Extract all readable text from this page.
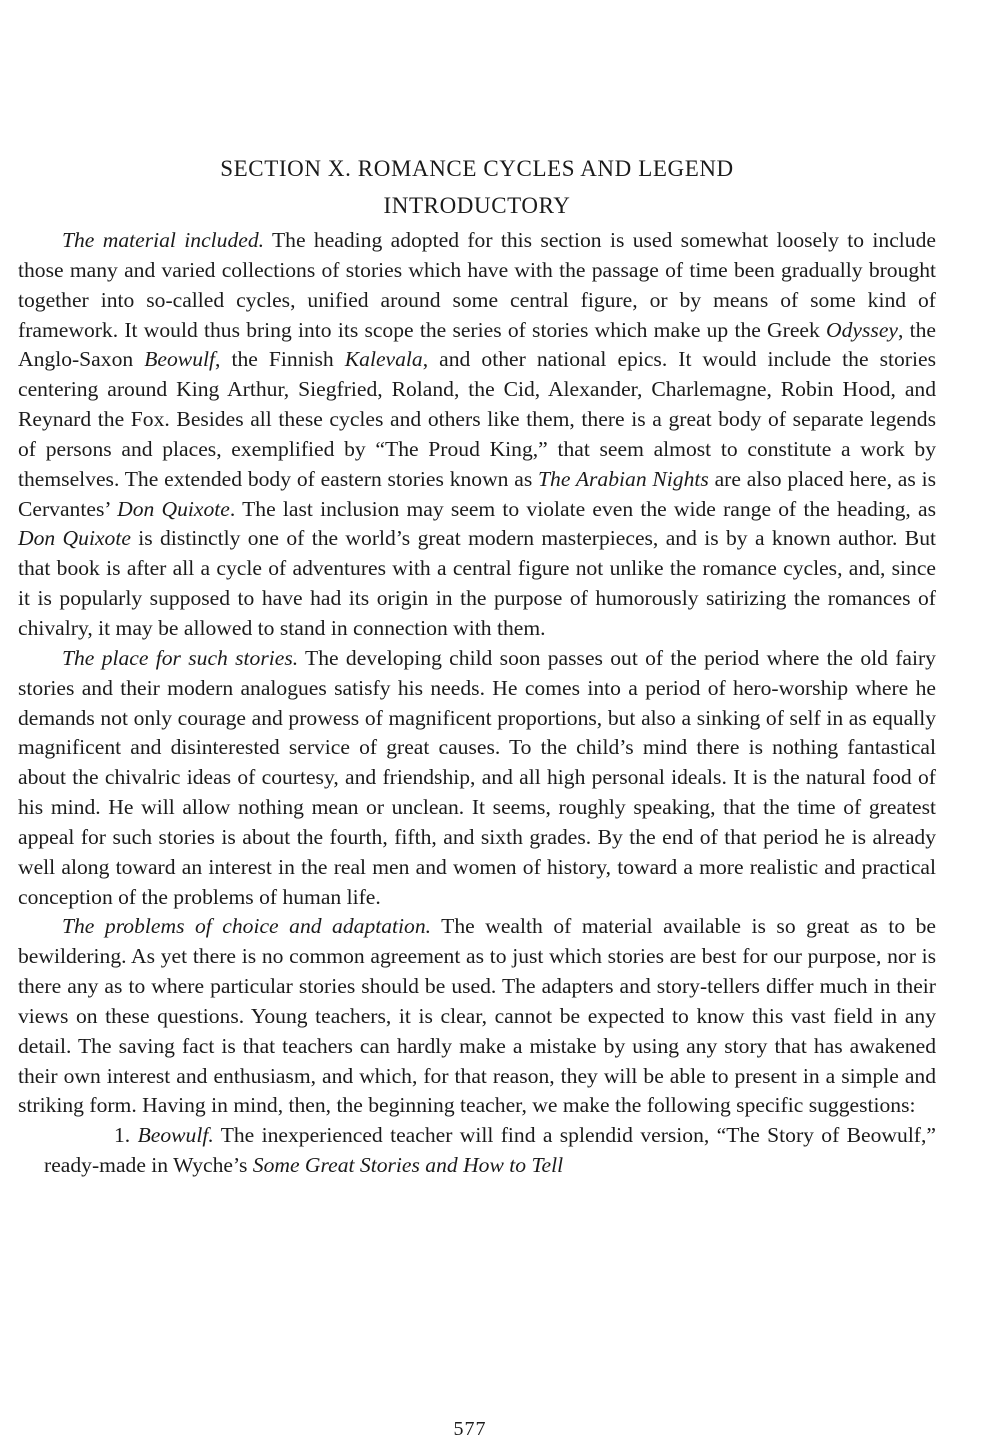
SECTION X. ROMANCE CYCLES AND LEGEND
INTRODUCTORY

The material included. The heading adopted for this section is used somewhat loosely to include those many and varied collections of stories which have with the passage of time been gradually brought together into so-called cycles, unified around some central figure, or by means of some kind of framework. It would thus bring into its scope the series of stories which make up the Greek Odyssey, the Anglo-Saxon Beowulf, the Finnish Kalevala, and other national epics. It would include the stories centering around King Arthur, Siegfried, Roland, the Cid, Alexander, Charlemagne, Robin Hood, and Reynard the Fox. Besides all these cycles and others like them, there is a great body of separate legends of persons and places, exemplified by “The Proud King,” that seem almost to constitute a work by themselves. The extended body of eastern stories known as The Arabian Nights are also placed here, as is Cervantes’ Don Quixote. The last inclusion may seem to violate even the wide range of the heading, as Don Quixote is distinctly one of the world’s great modern masterpieces, and is by a known author. But that book is after all a cycle of adventures with a central figure not unlike the romance cycles, and, since it is popularly supposed to have had its origin in the purpose of humorously satirizing the romances of chivalry, it may be allowed to stand in connection with them.

The place for such stories. The developing child soon passes out of the period where the old fairy stories and their modern analogues satisfy his needs. He comes into a period of hero-worship where he demands not only courage and prowess of magnificent proportions, but also a sinking of self in as equally magnificent and disinterested service of great causes. To the child’s mind there is nothing fantastical about the chivalric ideas of courtesy, and friendship, and all high personal ideals. It is the natural food of his mind. He will allow nothing mean or unclean. It seems, roughly speaking, that the time of greatest appeal for such stories is about the fourth, fifth, and sixth grades. By the end of that period he is already well along toward an interest in the real men and women of history, toward a more realistic and practical conception of the problems of human life.

The problems of choice and adaptation. The wealth of material available is so great as to be bewildering. As yet there is no common agreement as to just which stories are best for our purpose, nor is there any as to where particular stories should be used. The adapters and story-tellers differ much in their views on these questions. Young teachers, it is clear, cannot be expected to know this vast field in any detail. The saving fact is that teachers can hardly make a mistake by using any story that has awakened their own interest and enthusiasm, and which, for that reason, they will be able to present in a simple and striking form. Having in mind, then, the beginning teacher, we make the following specific suggestions:

1. Beowulf. The inexperienced teacher will find a splendid version, “The Story of Beowulf,” ready-made in Wyche’s Some Great Stories and How to Tell

577
